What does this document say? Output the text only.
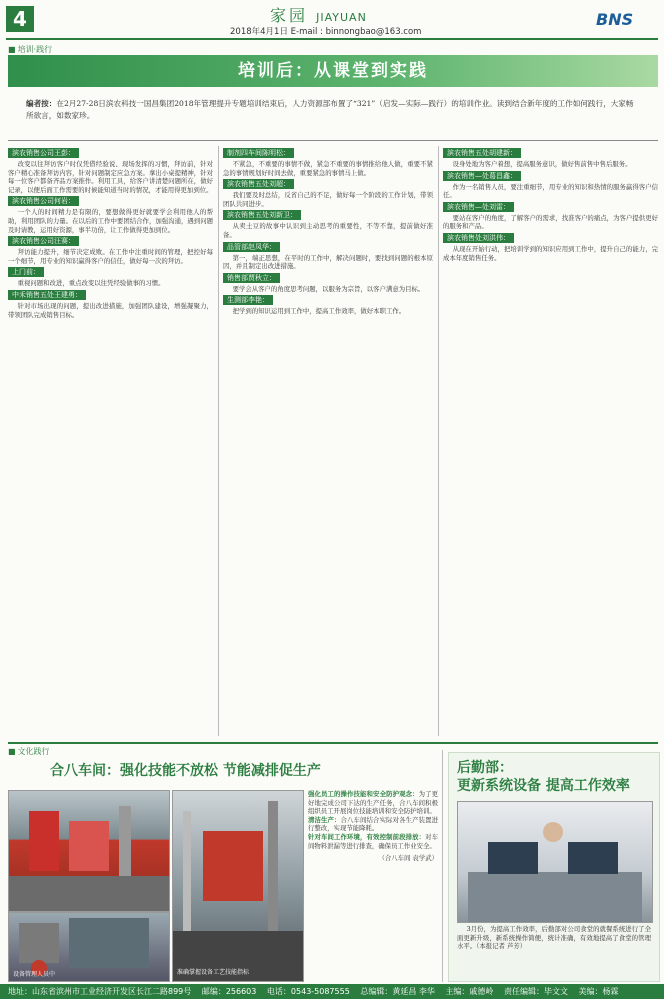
4	家园 JIAYUAN
2018年4月1日 E-mail : binnongbao@163.com
BNS
■ 培训·践行
培训后：从课堂到实践
编者按：在2月27-28日滨农科技一国昌集团2018年管理提升专题培训结束后，人力资源部布置了“321”（启发—实际—践行）的培训作业。读到结合新年度的工作如何践行，大家畅所欲言，如数家珍。
滨农销售公司王彭：

改变以往拜访客户时仅凭借经验说、现场发挥的习惯，拜访前，针对客户精心准备拜访内容，针对问题制定应急方案。拿出小桌提精神，针对每一位客户都备齐品方案推作。利用工具，给客户讲清楚问题所在，做好记录，以便后面工作需要的时候能知道当时的情况，才能用得更加到位。

滨农销售公司何岩：

一个人的时间精力是有限的，要想做得更好就要学会利用他人的帮助，利用团队的力量。在以后的工作中要团结合作，加强沟通，遇到问题及时请教，运用好资源，事半功倍，让工作做得更加到位。

滨农销售公司汪赛：

拜访能力提升，细节决定成败。在工作中注重时间的管理，把控好每一个细节，用专业的知识赢得客户的信任，做好每一次的拜访。

上门前：

重视问题和改进，重点改变以往凭经验做事的习惯。

中禾销售五处王建勇：

针对市场出现的问题，提出改进措施，加强团队建设，增强凝聚力，带领团队完成销售目标。

制剂四车间陈明松：

不紧急，不重要的事情不做，紧急不重要的事情推给他人做，重要不紧急的事情规划好时间去做，重要紧急的事情马上做。

滨农销售五处刘超：

我们要及时总结，反省自己的不足，做好每一个阶段的工作计划，带领团队共同进步。

滨农销售五处刘新卫：

从卖土豆的故事中认识到主动思考的重要性，不等不靠，提前做好准备。

品管部赵凤华：

第一，端正思想，在平时的工作中，解决问题时，要找到问题的根本原因，并且制定出改进措施。

销售部贾秋立：

要学会从客户的角度思考问题，以服务为宗旨，以客户满意为目标。

生测部李艳：

把学到的知识运用到工作中，提高工作效率，做好本职工作。

滨农销售五处胡建新：

设身处地为客户着想，提高服务意识，做好售前售中售后服务。

滨农销售—处葛昌鑫：

作为一名销售人员，要注重细节，用专业的知识和热情的服务赢得客户信任。

滨农销售—处刘雷：

要站在客户的角度，了解客户的需求，找准客户的痛点，为客户提供更好的服务和产品。

滨农销售处刘洪伟：

从现在开始行动，把培训学到的知识应用到工作中，提升自己的能力，完成本年度销售任务。

■ 文化践行
合八车间：强化技能不放松 节能减排促生产
设备管理人员中	准确掌握设备工艺技能指标
强化员工的操作技能和安全防护观念：为了更好地完成公司下达的生产任务，合八车间积极组织员工开展岗位技能培训和安全防护培训。
清洁生产：合八车间结合实际对各生产装置进行整改，实现节能降耗。
针对车间工作环境，有效控制前段排放：对车间物料泄漏等进行排查，确保员工作业安全。
（合八车间 袁学武）
后勤部：
更新系统设备 提高工作效率

3月份，为提高工作效率，后勤部对公司食堂的就餐系统进行了全面更新升级，新系统操作简便，统计准确，有效地提高了食堂的管理水平。（本报记者 芦芳）

地址：山东省滨州市工业经济开发区长江二路899号 邮编：256603 电话：0543-5087555 总编辑：黄延昌 李华 主编：戚德岭 责任编辑：毕文文 美编：杨霖
